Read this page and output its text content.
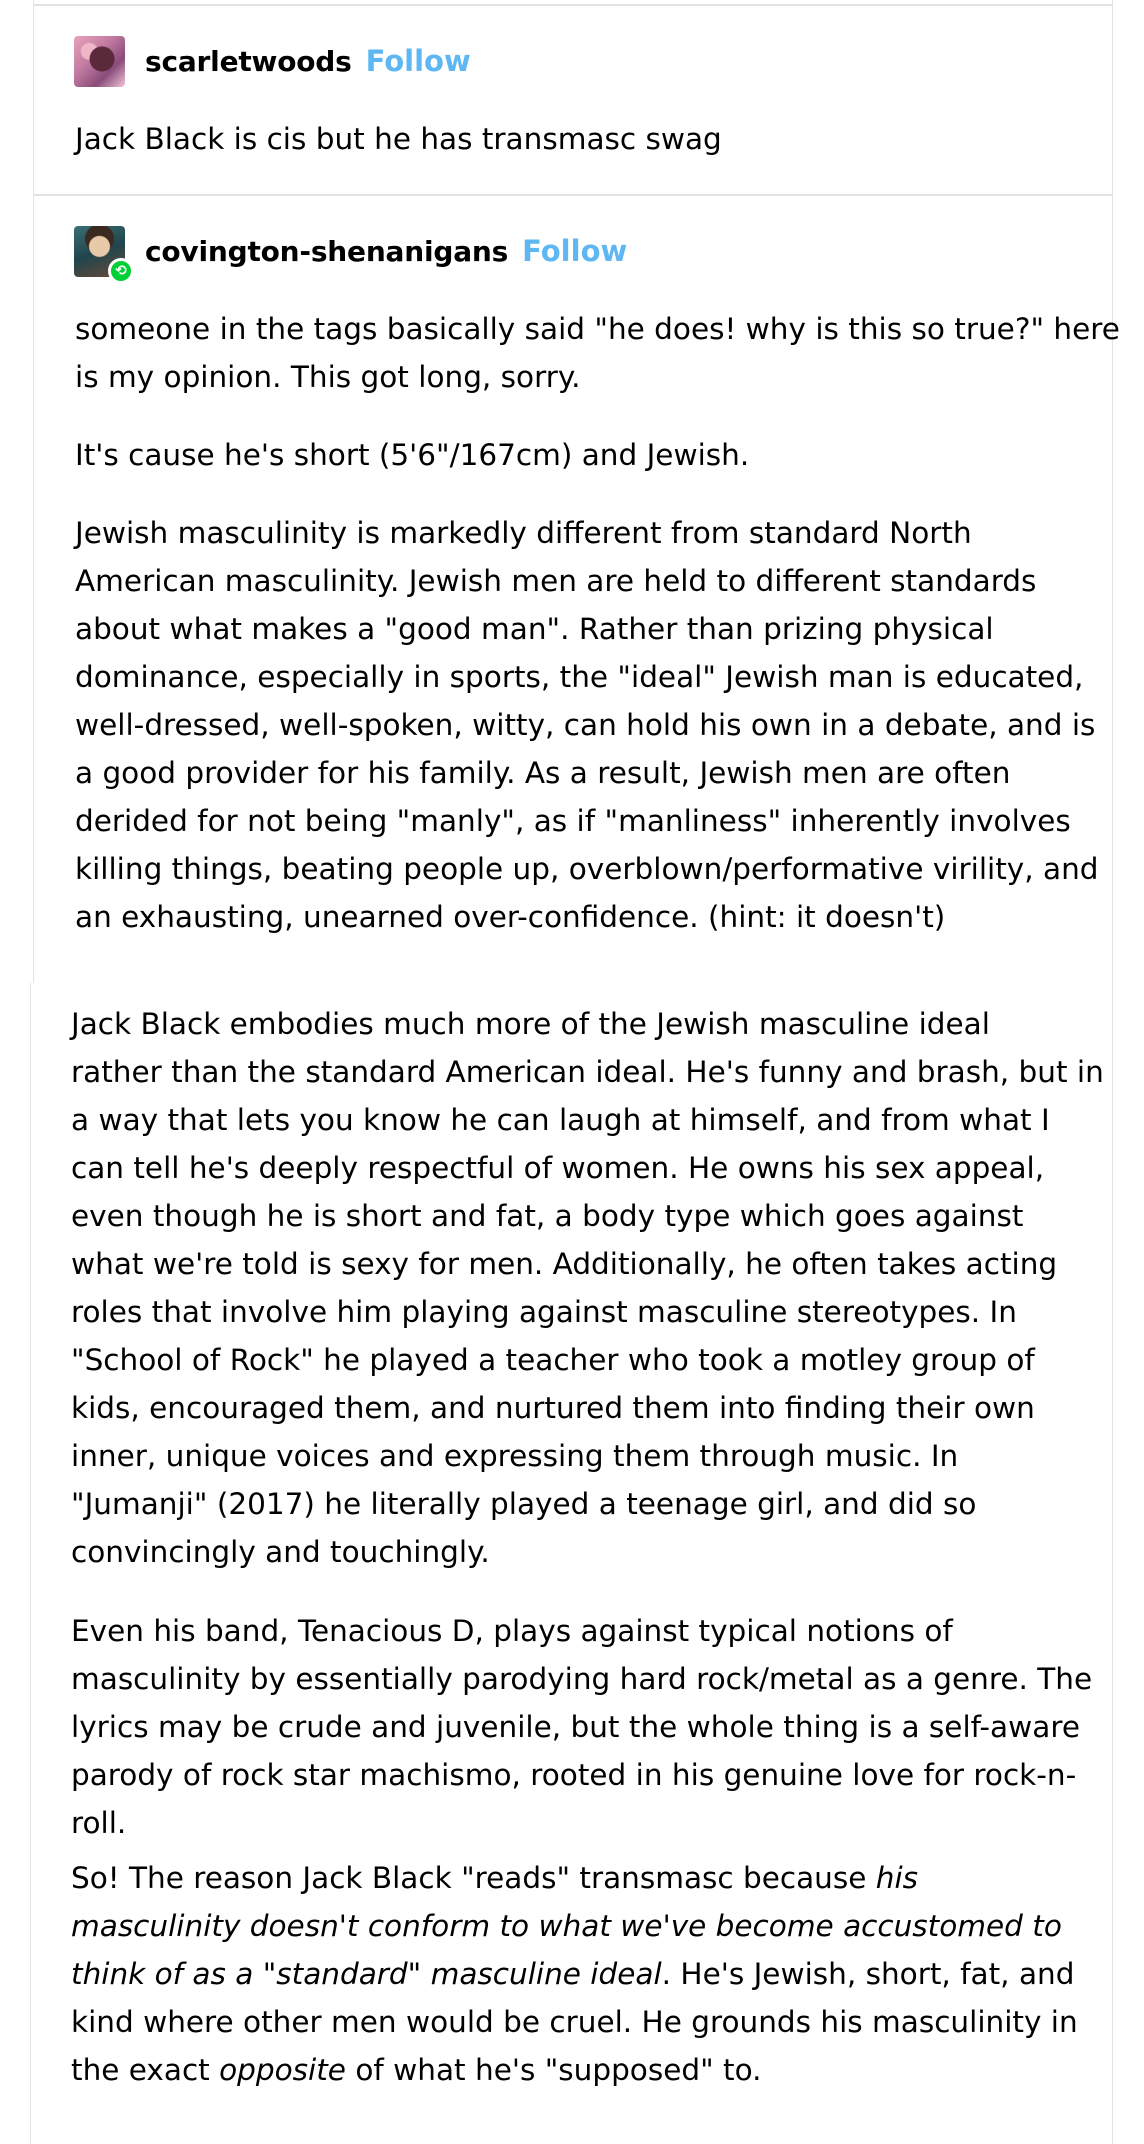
scarletwoods Follow

Jack Black is cis but he has transmasc swag

⟲
covington-shenanigans Follow

someone in the tags basically said "he does! why is this so true?" here
is my opinion. This got long, sorry.

It's cause he's short (5'6"/167cm) and Jewish.

Jewish masculinity is markedly different from standard North
American masculinity. Jewish men are held to different standards
about what makes a "good man". Rather than prizing physical
dominance, especially in sports, the "ideal" Jewish man is educated,
well-dressed, well-spoken, witty, can hold his own in a debate, and is
a good provider for his family. As a result, Jewish men are often
derided for not being "manly", as if "manliness" inherently involves
killing things, beating people up, overblown/performative virility, and
an exhausting, unearned over-confidence. (hint: it doesn't)

Jack Black embodies much more of the Jewish masculine ideal
rather than the standard American ideal. He's funny and brash, but in
a way that lets you know he can laugh at himself, and from what I
can tell he's deeply respectful of women. He owns his sex appeal,
even though he is short and fat, a body type which goes against
what we're told is sexy for men. Additionally, he often takes acting
roles that involve him playing against masculine stereotypes. In
"School of Rock" he played a teacher who took a motley group of
kids, encouraged them, and nurtured them into finding their own
inner, unique voices and expressing them through music. In
"Jumanji" (2017) he literally played a teenage girl, and did so
convincingly and touchingly.

Even his band, Tenacious D, plays against typical notions of
masculinity by essentially parodying hard rock/metal as a genre. The
lyrics may be crude and juvenile, but the whole thing is a self-aware
parody of rock star machismo, rooted in his genuine love for rock-n-
roll.

So! The reason Jack Black "reads" transmasc because his
masculinity doesn't conform to what we've become accustomed to
think of as a "standard" masculine ideal. He's Jewish, short, fat, and
kind where other men would be cruel. He grounds his masculinity in
the exact opposite of what he's "supposed" to.
